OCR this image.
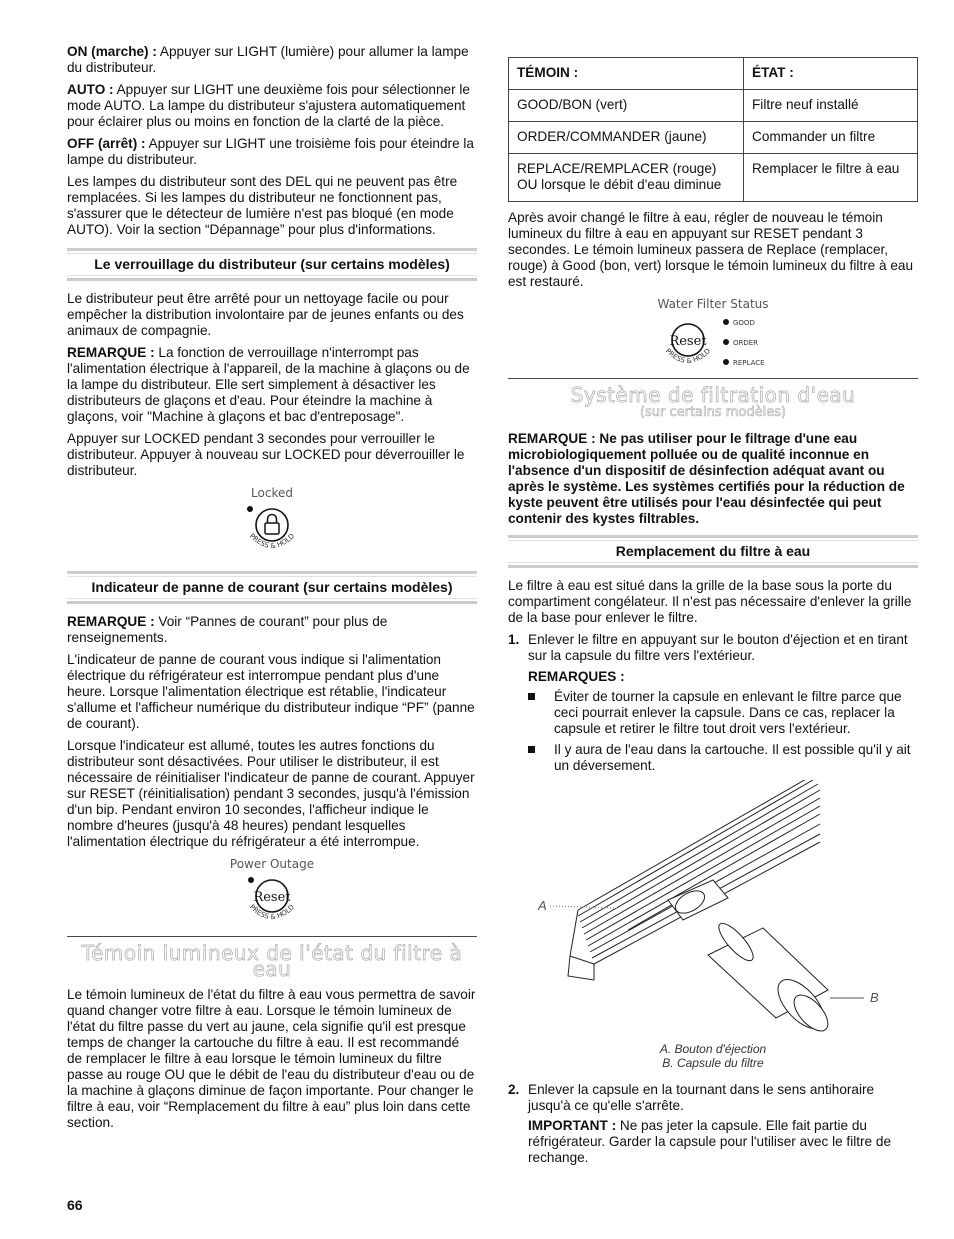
ON (marche) : Appuyer sur LIGHT (lumière) pour allumer la lampe du distributeur.

AUTO : Appuyer sur LIGHT une deuxième fois pour sélectionner le mode AUTO. La lampe du distributeur s'ajustera automatiquement pour éclairer plus ou moins en fonction de la clarté de la pièce.

OFF (arrêt) : Appuyer sur LIGHT une troisième fois pour éteindre la lampe du distributeur.

Les lampes du distributeur sont des DEL qui ne peuvent pas être remplacées. Si les lampes du distributeur ne fonctionnent pas, s'assurer que le détecteur de lumière n'est pas bloqué (en mode AUTO). Voir la section “Dépannage” pour plus d'informations.

Le verrouillage du distributeur (sur certains modèles)

Le distributeur peut être arrêté pour un nettoyage facile ou pour empêcher la distribution involontaire par de jeunes enfants ou des animaux de compagnie.

REMARQUE : La fonction de verrouillage n'interrompt pas l'alimentation électrique à l'appareil, de la machine à glaçons ou de la lampe du distributeur. Elle sert simplement à désactiver les distributeurs de glaçons et d'eau. Pour éteindre la machine à glaçons, voir "Machine à glaçons et bac d'entreposage".

Appuyer sur LOCKED pendant 3 secondes pour verrouiller le distributeur. Appuyer à nouveau sur LOCKED pour déverrouiller le distributeur.

Locked
PRESS & HOLD
Indicateur de panne de courant (sur certains modèles)

REMARQUE : Voir “Pannes de courant” pour plus de renseignements.

L'indicateur de panne de courant vous indique si l'alimentation électrique du réfrigérateur est interrompue pendant plus d'une heure. Lorsque l'alimentation électrique est rétablie, l'indicateur s'allume et l'afficheur numérique du distributeur indique “PF” (panne de courant).

Lorsque l'indicateur est allumé, toutes les autres fonctions du distributeur sont désactivées. Pour utiliser le distributeur, il est nécessaire de réinitialiser l'indicateur de panne de courant. Appuyer sur RESET (réinitialisation) pendant 3 secondes, jusqu'à l'émission d'un bip. Pendant environ 10 secondes, l'afficheur indique le nombre d'heures (jusqu'à 48 heures) pendant lesquelles l'alimentation électrique du réfrigérateur a été interrompue.

Power Outage
Reset
PRESS & HOLD
Témoin lumineux de l'état du filtre à eau

Le témoin lumineux de l'état du filtre à eau vous permettra de savoir quand changer votre filtre à eau. Lorsque le témoin lumineux de l'état du filtre passe du vert au jaune, cela signifie qu'il est presque temps de changer la cartouche du filtre à eau. Il est recommandé de remplacer le filtre à eau lorsque le témoin lumineux du filtre passe au rouge OU que le débit de l'eau du distributeur d'eau ou de la machine à glaçons diminue de façon importante. Pour changer le filtre à eau, voir “Remplacement du filtre à eau” plus loin dans cette section.

TÉMOIN :	ÉTAT :
GOOD/BON (vert)	Filtre neuf installé
ORDER/COMMANDER (jaune)	Commander un filtre
REPLACE/REMPLACER (rouge) OU lorsque le débit d'eau diminue	Remplacer le filtre à eau

Après avoir changé le filtre à eau, régler de nouveau le témoin lumineux du filtre à eau en appuyant sur RESET pendant 3 secondes. Le témoin lumineux passera de Replace (remplacer, rouge) à Good (bon, vert) lorsque le témoin lumineux du filtre à eau est restauré.

Water Filter Status
Reset
PRESS & HOLD
GOOD
ORDER
REPLACE
Système de filtration d'eau
(sur certains modèles)

REMARQUE : Ne pas utiliser pour le filtrage d'une eau microbiologiquement polluée ou de qualité inconnue en l'absence d'un dispositif de désinfection adéquat avant ou après le système. Les systèmes certifiés pour la réduction de kyste peuvent être utilisés pour l'eau désinfectée qui peut contenir des kystes filtrables.

Remplacement du filtre à eau

Le filtre à eau est situé dans la grille de la base sous la porte du compartiment congélateur. Il n'est pas nécessaire d'enlever la grille de la base pour enlever le filtre.

1. Enlever le filtre en appuyant sur le bouton d'éjection et en tirant sur la capsule du filtre vers l'extérieur.
REMARQUES :
Éviter de tourner la capsule en enlevant le filtre parce que ceci pourrait enlever la capsule. Dans ce cas, replacer la capsule et retirer le filtre tout droit vers l'extérieur.
Il y aura de l'eau dans la cartouche. Il est possible qu'il y ait un déversement.
A
B
A. Bouton d'éjection
B. Capsule du filtre
2. Enlever la capsule en la tournant dans le sens antihoraire jusqu'à ce qu'elle s'arrête.

IMPORTANT : Ne pas jeter la capsule. Elle fait partie du réfrigérateur. Garder la capsule pour l'utiliser avec le filtre de rechange.

66
